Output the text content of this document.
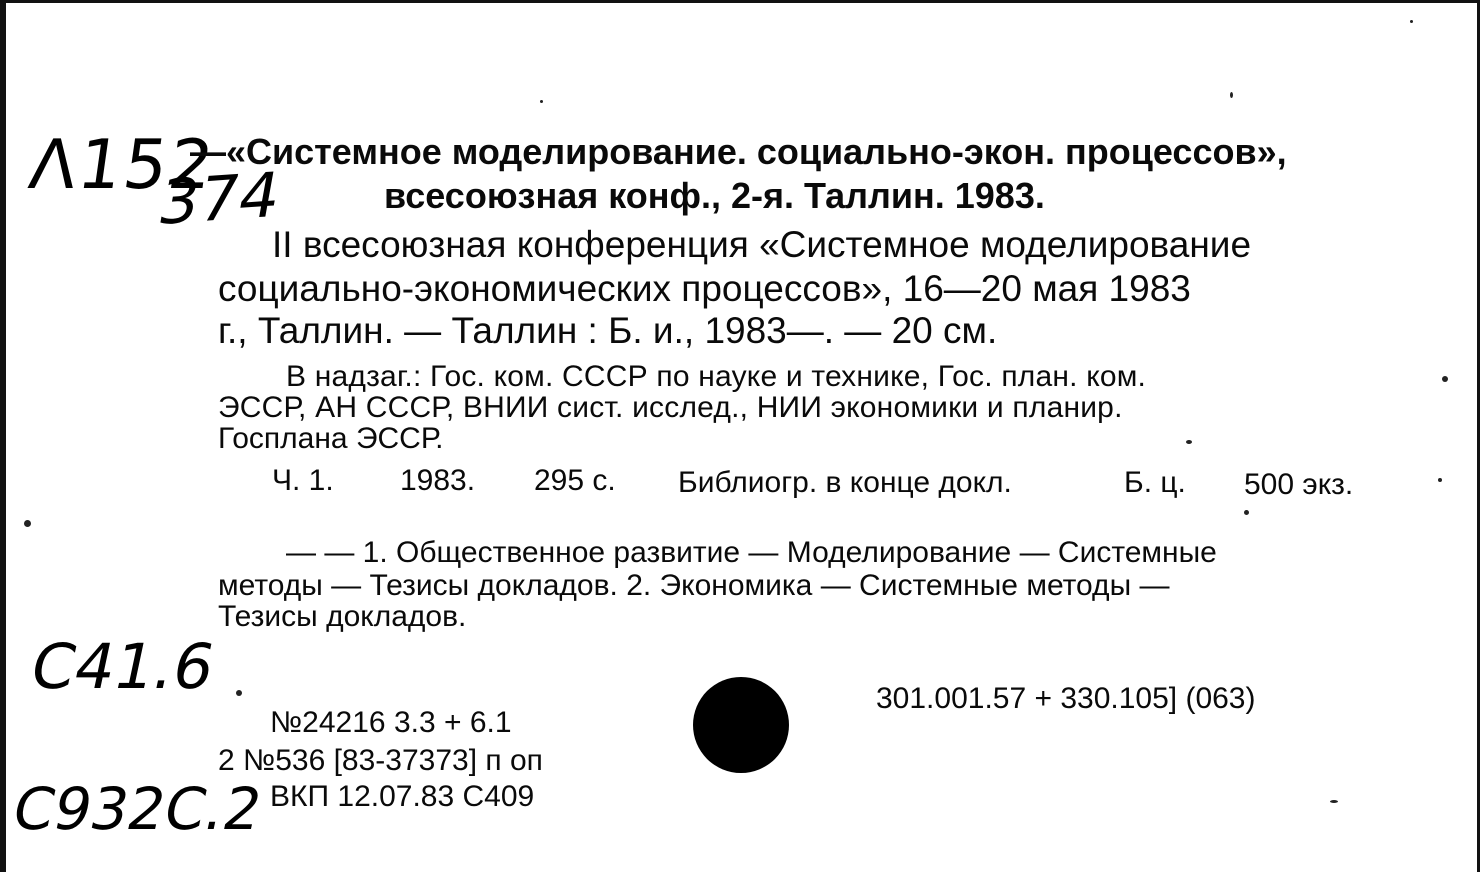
Λ152
374
C41.6
C932C.2
—«Системное моделирование. социально-экон. процессов»,
всесоюзная конф., 2-я. Таллин. 1983.
II всесоюзная конференция «Системное моделирование
социально-экономических процессов», 16—20 мая 1983
г., Таллин. — Таллин : Б. и., 1983—. — 20 см.
В надзаг.: Гос. ком. СССР по науке и технике, Гос. план. ком.
ЭССР, АН СССР, ВНИИ сист. исслед., НИИ экономики и планир.
Госплана ЭССР.
Ч. 1. 1983. 295 с. Библиогр. в конце докл.	Б. ц. 500 экз.
— — 1. Общественное развитие — Моделирование — Системные
методы — Тезисы докладов. 2. Экономика — Системные методы —
Тезисы докладов.
301.001.57 + 330.105] (063)
№24216 3.3 + 6.1
2 №536 [83-37373] п оп
ВКП 12.07.83 С409
